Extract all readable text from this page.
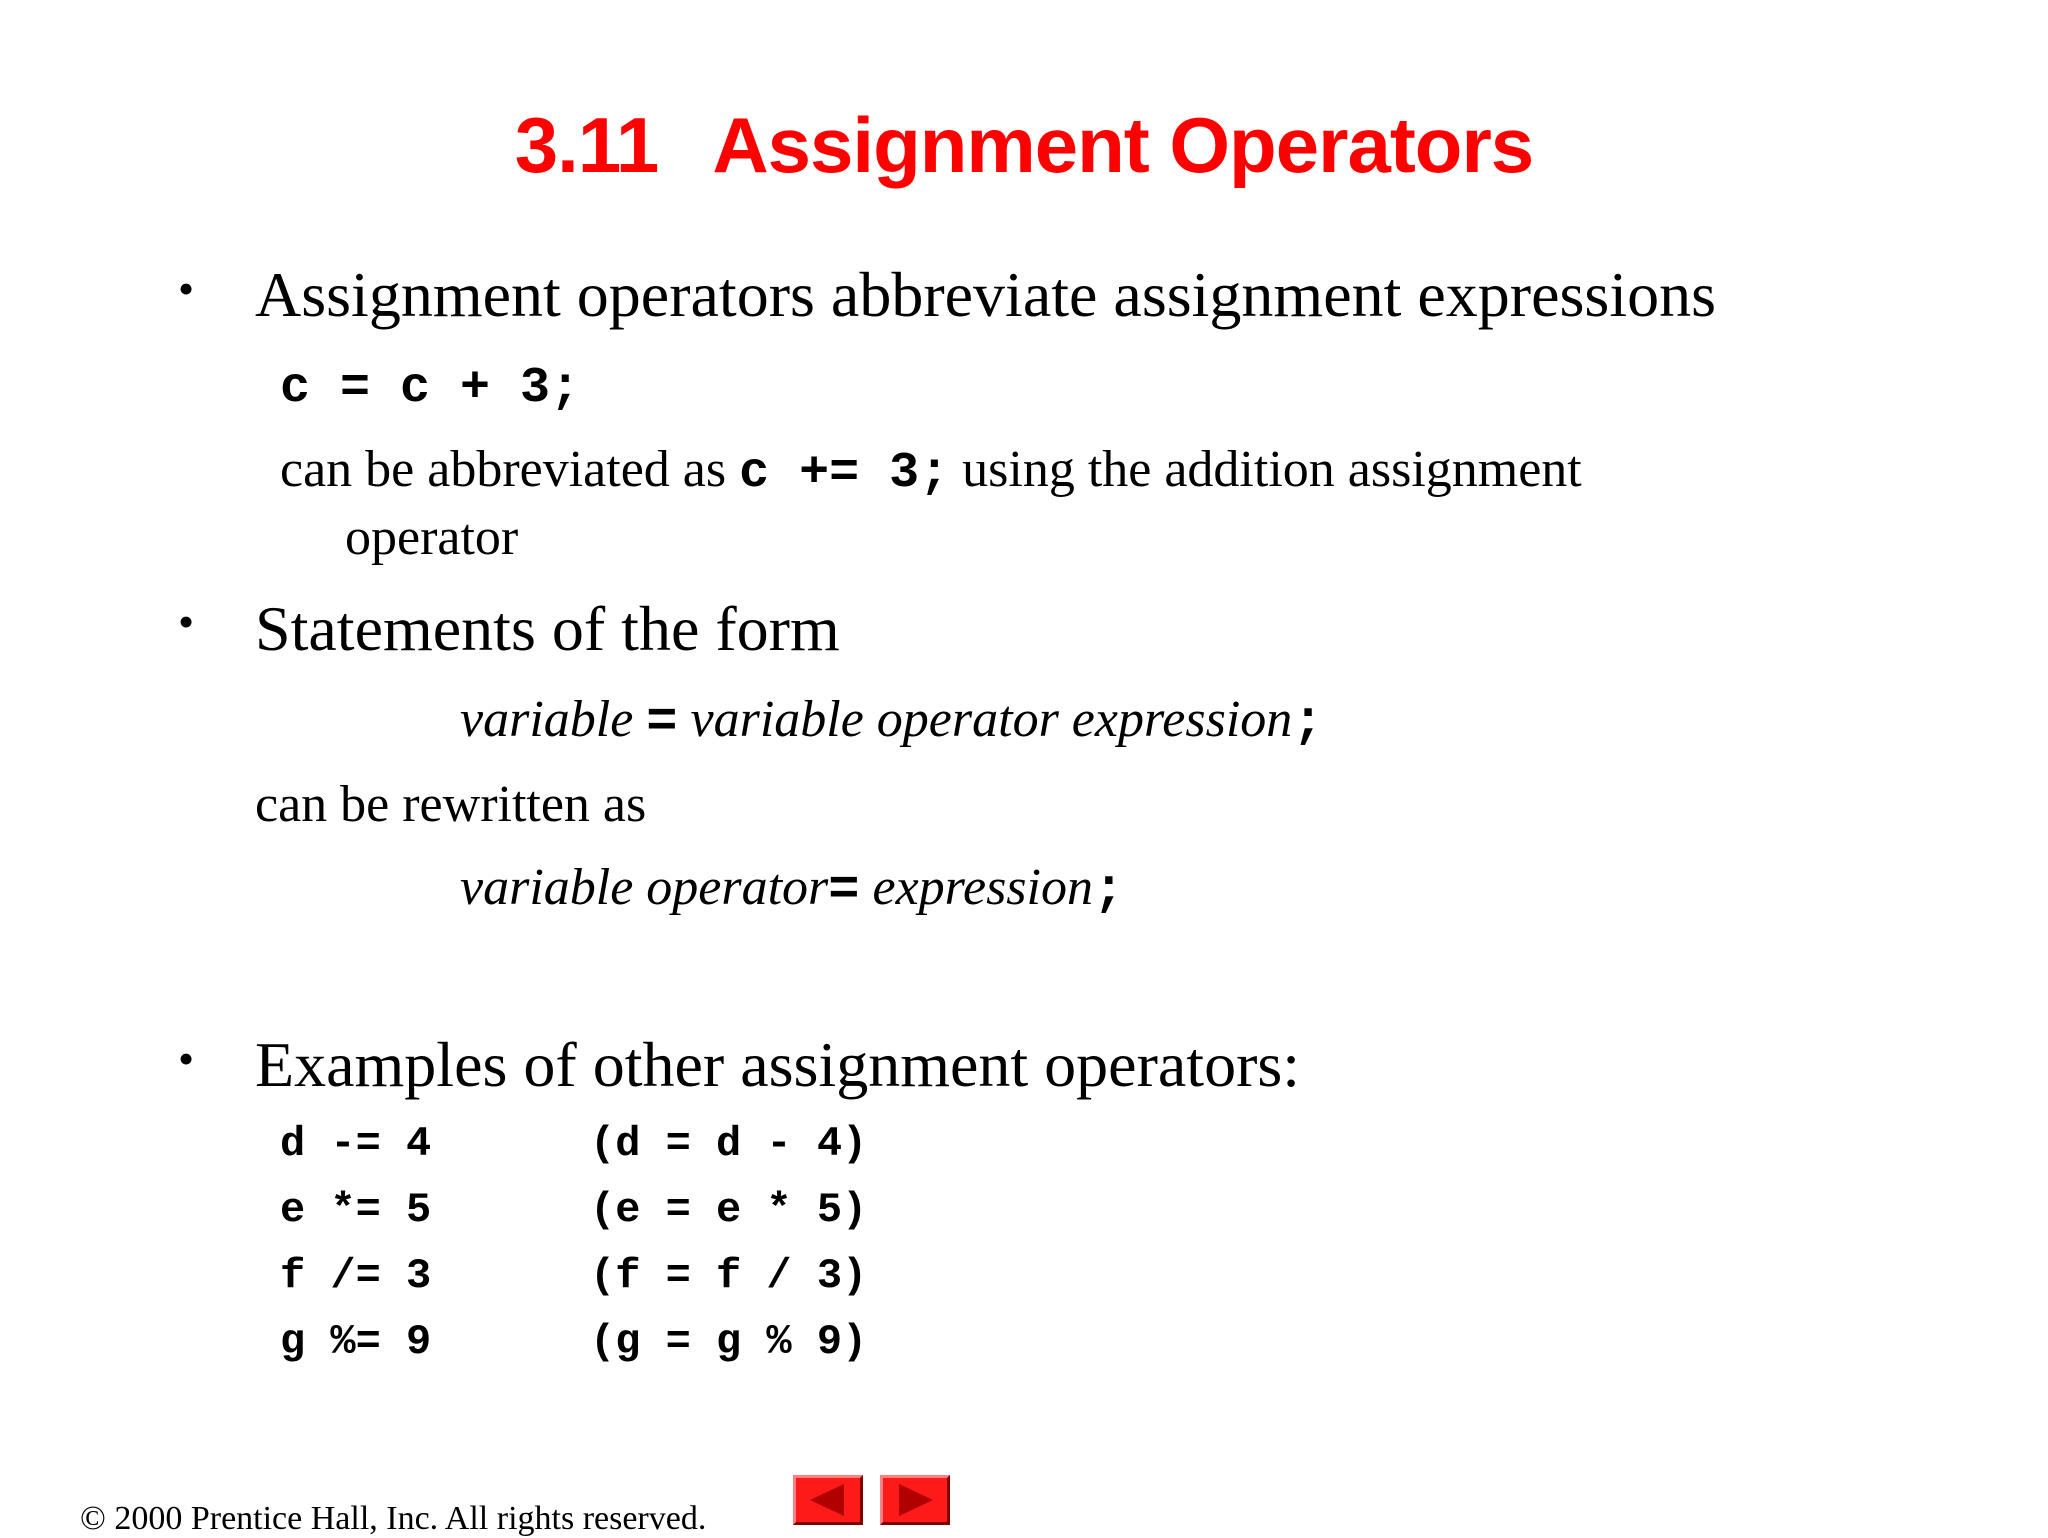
3.11 Assignment Operators
• Assignment operators abbreviate assignment expressions
c = c + 3;
can be abbreviated as c += 3; using the addition assignment
operator
• Statements of the form
variable = variable operator expression;
can be rewritten as
variable operator= expression;
• Examples of other assignment operators:
d -= 4	(d = d - 4)
e *= 5	(e = e * 5)
f /= 3	(f = f / 3)
g %= 9	(g = g % 9)
© 2000 Prentice Hall, Inc. All rights reserved.
